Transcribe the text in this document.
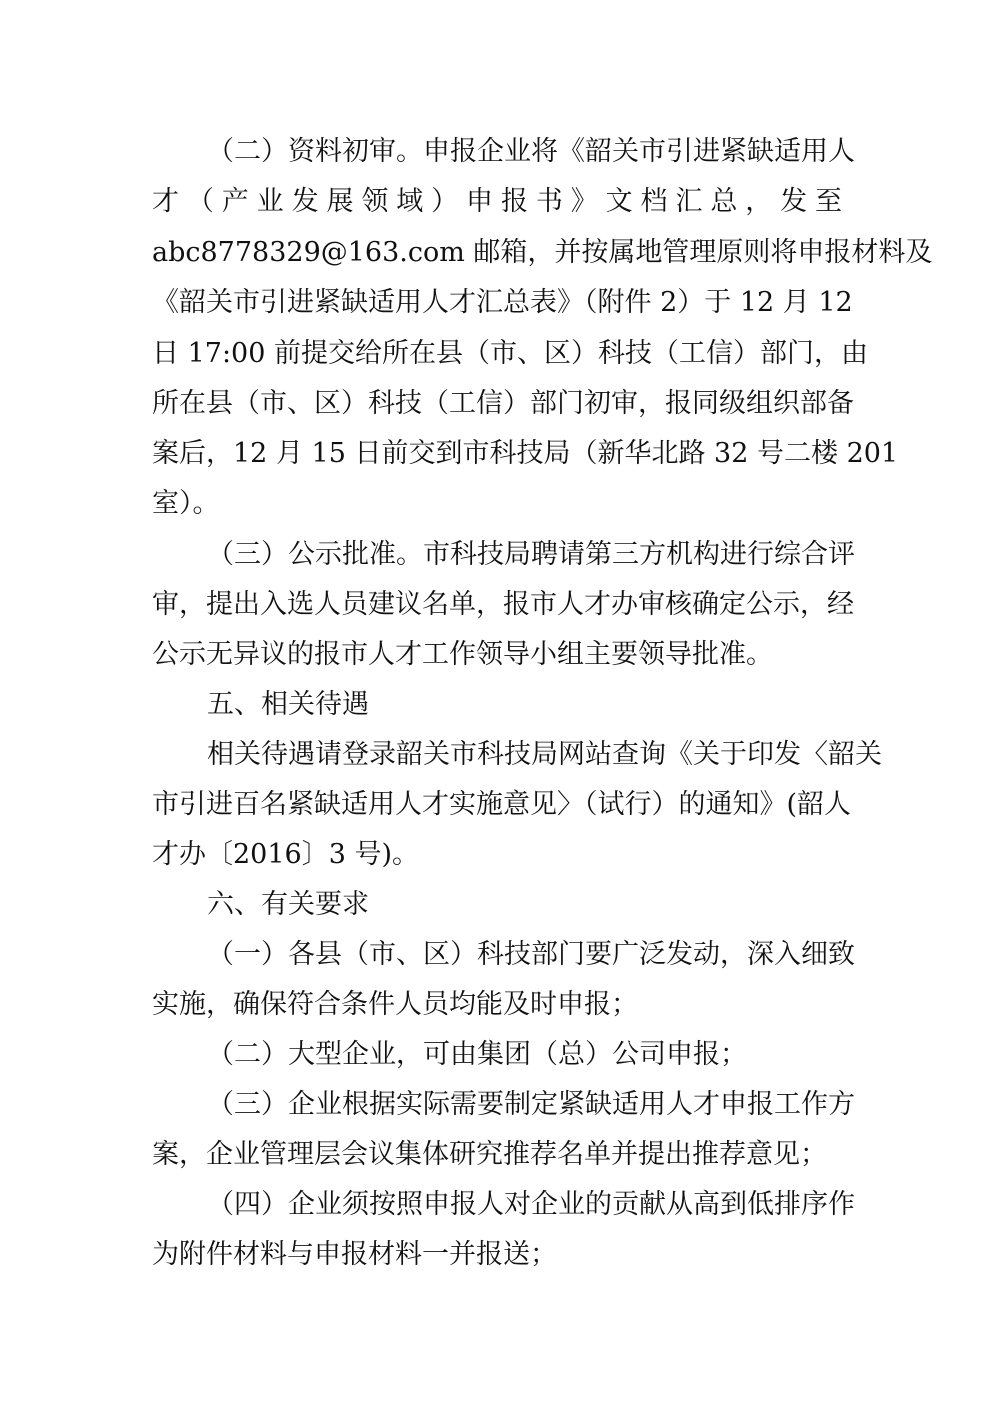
（二）资料初审。申报企业将《韶关市引进紧缺适用人
才（产业发展领域）申报书》文档汇总，发至
abc8778329@163.com 邮箱，并按属地管理原则将申报材料及
《韶关市引进紧缺适用人才汇总表》（附件 2）于 12 月 12
日 17:00 前提交给所在县（市、区）科技（工信）部门，由
所在县（市、区）科技（工信）部门初审，报同级组织部备
案后，12 月 15 日前交到市科技局（新华北路 32 号二楼 201
室）。
（三）公示批准。市科技局聘请第三方机构进行综合评
审，提出入选人员建议名单，报市人才办审核确定公示，经
公示无异议的报市人才工作领导小组主要领导批准。
五、相关待遇
相关待遇请登录韶关市科技局网站查询《关于印发〈韶关
市引进百名紧缺适用人才实施意见〉（试行）的通知》(韶人
才办〔2016〕3 号)。
六、有关要求
（一）各县（市、区）科技部门要广泛发动，深入细致
实施，确保符合条件人员均能及时申报；
（二）大型企业，可由集团（总）公司申报；
（三）企业根据实际需要制定紧缺适用人才申报工作方
案，企业管理层会议集体研究推荐名单并提出推荐意见；
（四）企业须按照申报人对企业的贡献从高到低排序作
为附件材料与申报材料一并报送；
